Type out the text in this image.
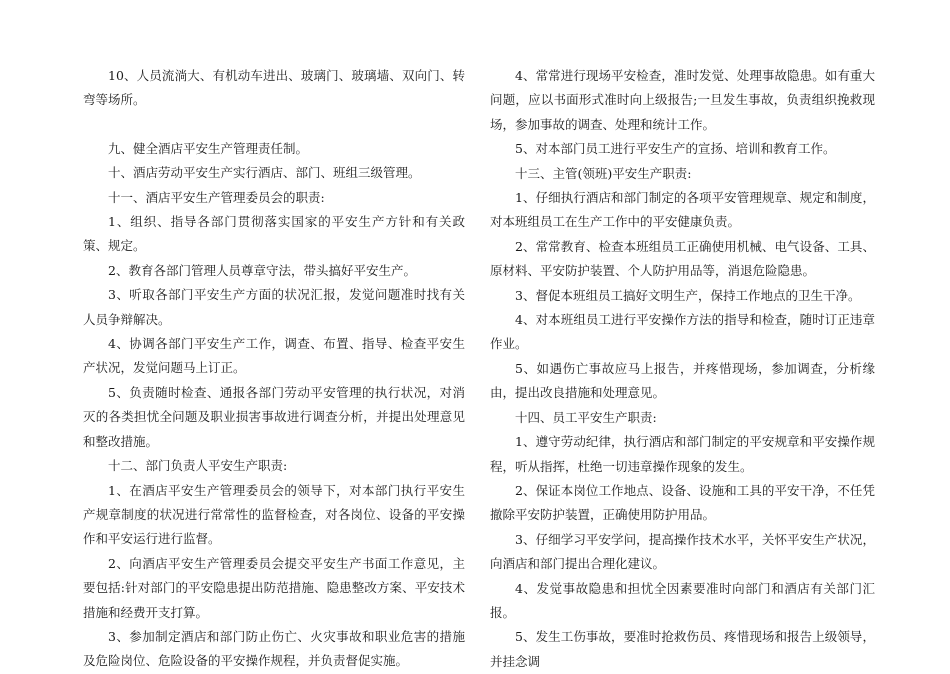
10、人员流淌大、有机动车进出、玻璃门、玻璃墙、双向门、转弯等场所。

九、健全酒店平安生产管理责任制。

十、酒店劳动平安生产实行酒店、部门、班组三级管理。

十一、酒店平安生产管理委员会的职责:

1、组织、指导各部门贯彻落实国家的平安生产方针和有关政策、规定。

2、教育各部门管理人员尊章守法，带头搞好平安生产。

3、听取各部门平安生产方面的状况汇报，发觉问题准时找有关人员争辩解决。

4、协调各部门平安生产工作，调查、布置、指导、检查平安生产状况，发觉问题马上订正。

5、负责随时检查、通报各部门劳动平安管理的执行状况，对消灭的各类担忧全问题及职业损害事故进行调查分析，并提出处理意见和整改措施。

十二、部门负责人平安生产职责:

1、在酒店平安生产管理委员会的领导下，对本部门执行平安生产规章制度的状况进行常常性的监督检查，对各岗位、设备的平安操作和平安运行进行监督。

2、向酒店平安生产管理委员会提交平安生产书面工作意见，主要包括:针对部门的平安隐患提出防范措施、隐患整改方案、平安技术措施和经费开支打算。

3、参加制定酒店和部门防止伤亡、火灾事故和职业危害的措施及危险岗位、危险设备的平安操作规程，并负责督促实施。

4、常常进行现场平安检查，准时发觉、处理事故隐患。如有重大问题，应以书面形式准时向上级报告;一旦发生事故，负责组织挽救现场，参加事故的调查、处理和统计工作。

5、对本部门员工进行平安生产的宣扬、培训和教育工作。

十三、主管(领班)平安生产职责:

1、仔细执行酒店和部门制定的各项平安管理规章、规定和制度，对本班组员工在生产工作中的平安健康负责。

2、常常教育、检查本班组员工正确使用机械、电气设备、工具、原材料、平安防护装置、个人防护用品等，消退危险隐患。

3、督促本班组员工搞好文明生产，保持工作地点的卫生干净。

4、对本班组员工进行平安操作方法的指导和检查，随时订正违章作业。

5、如遇伤亡事故应马上报告，并疼惜现场，参加调查，分析缘由，提出改良措施和处理意见。

十四、员工平安生产职责:

1、遵守劳动纪律，执行酒店和部门制定的平安规章和平安操作规程，听从指挥，杜绝一切违章操作现象的发生。

2、保证本岗位工作地点、设备、设施和工具的平安干净，不任凭撤除平安防护装置，正确使用防护用品。

3、仔细学习平安学问，提高操作技术水平，关怀平安生产状况，向酒店和部门提出合理化建议。

4、发觉事故隐患和担忧全因素要准时向部门和酒店有关部门汇报。

5、发生工伤事故，要准时抢救伤员、疼惜现场和报告上级领导，并挂念调
